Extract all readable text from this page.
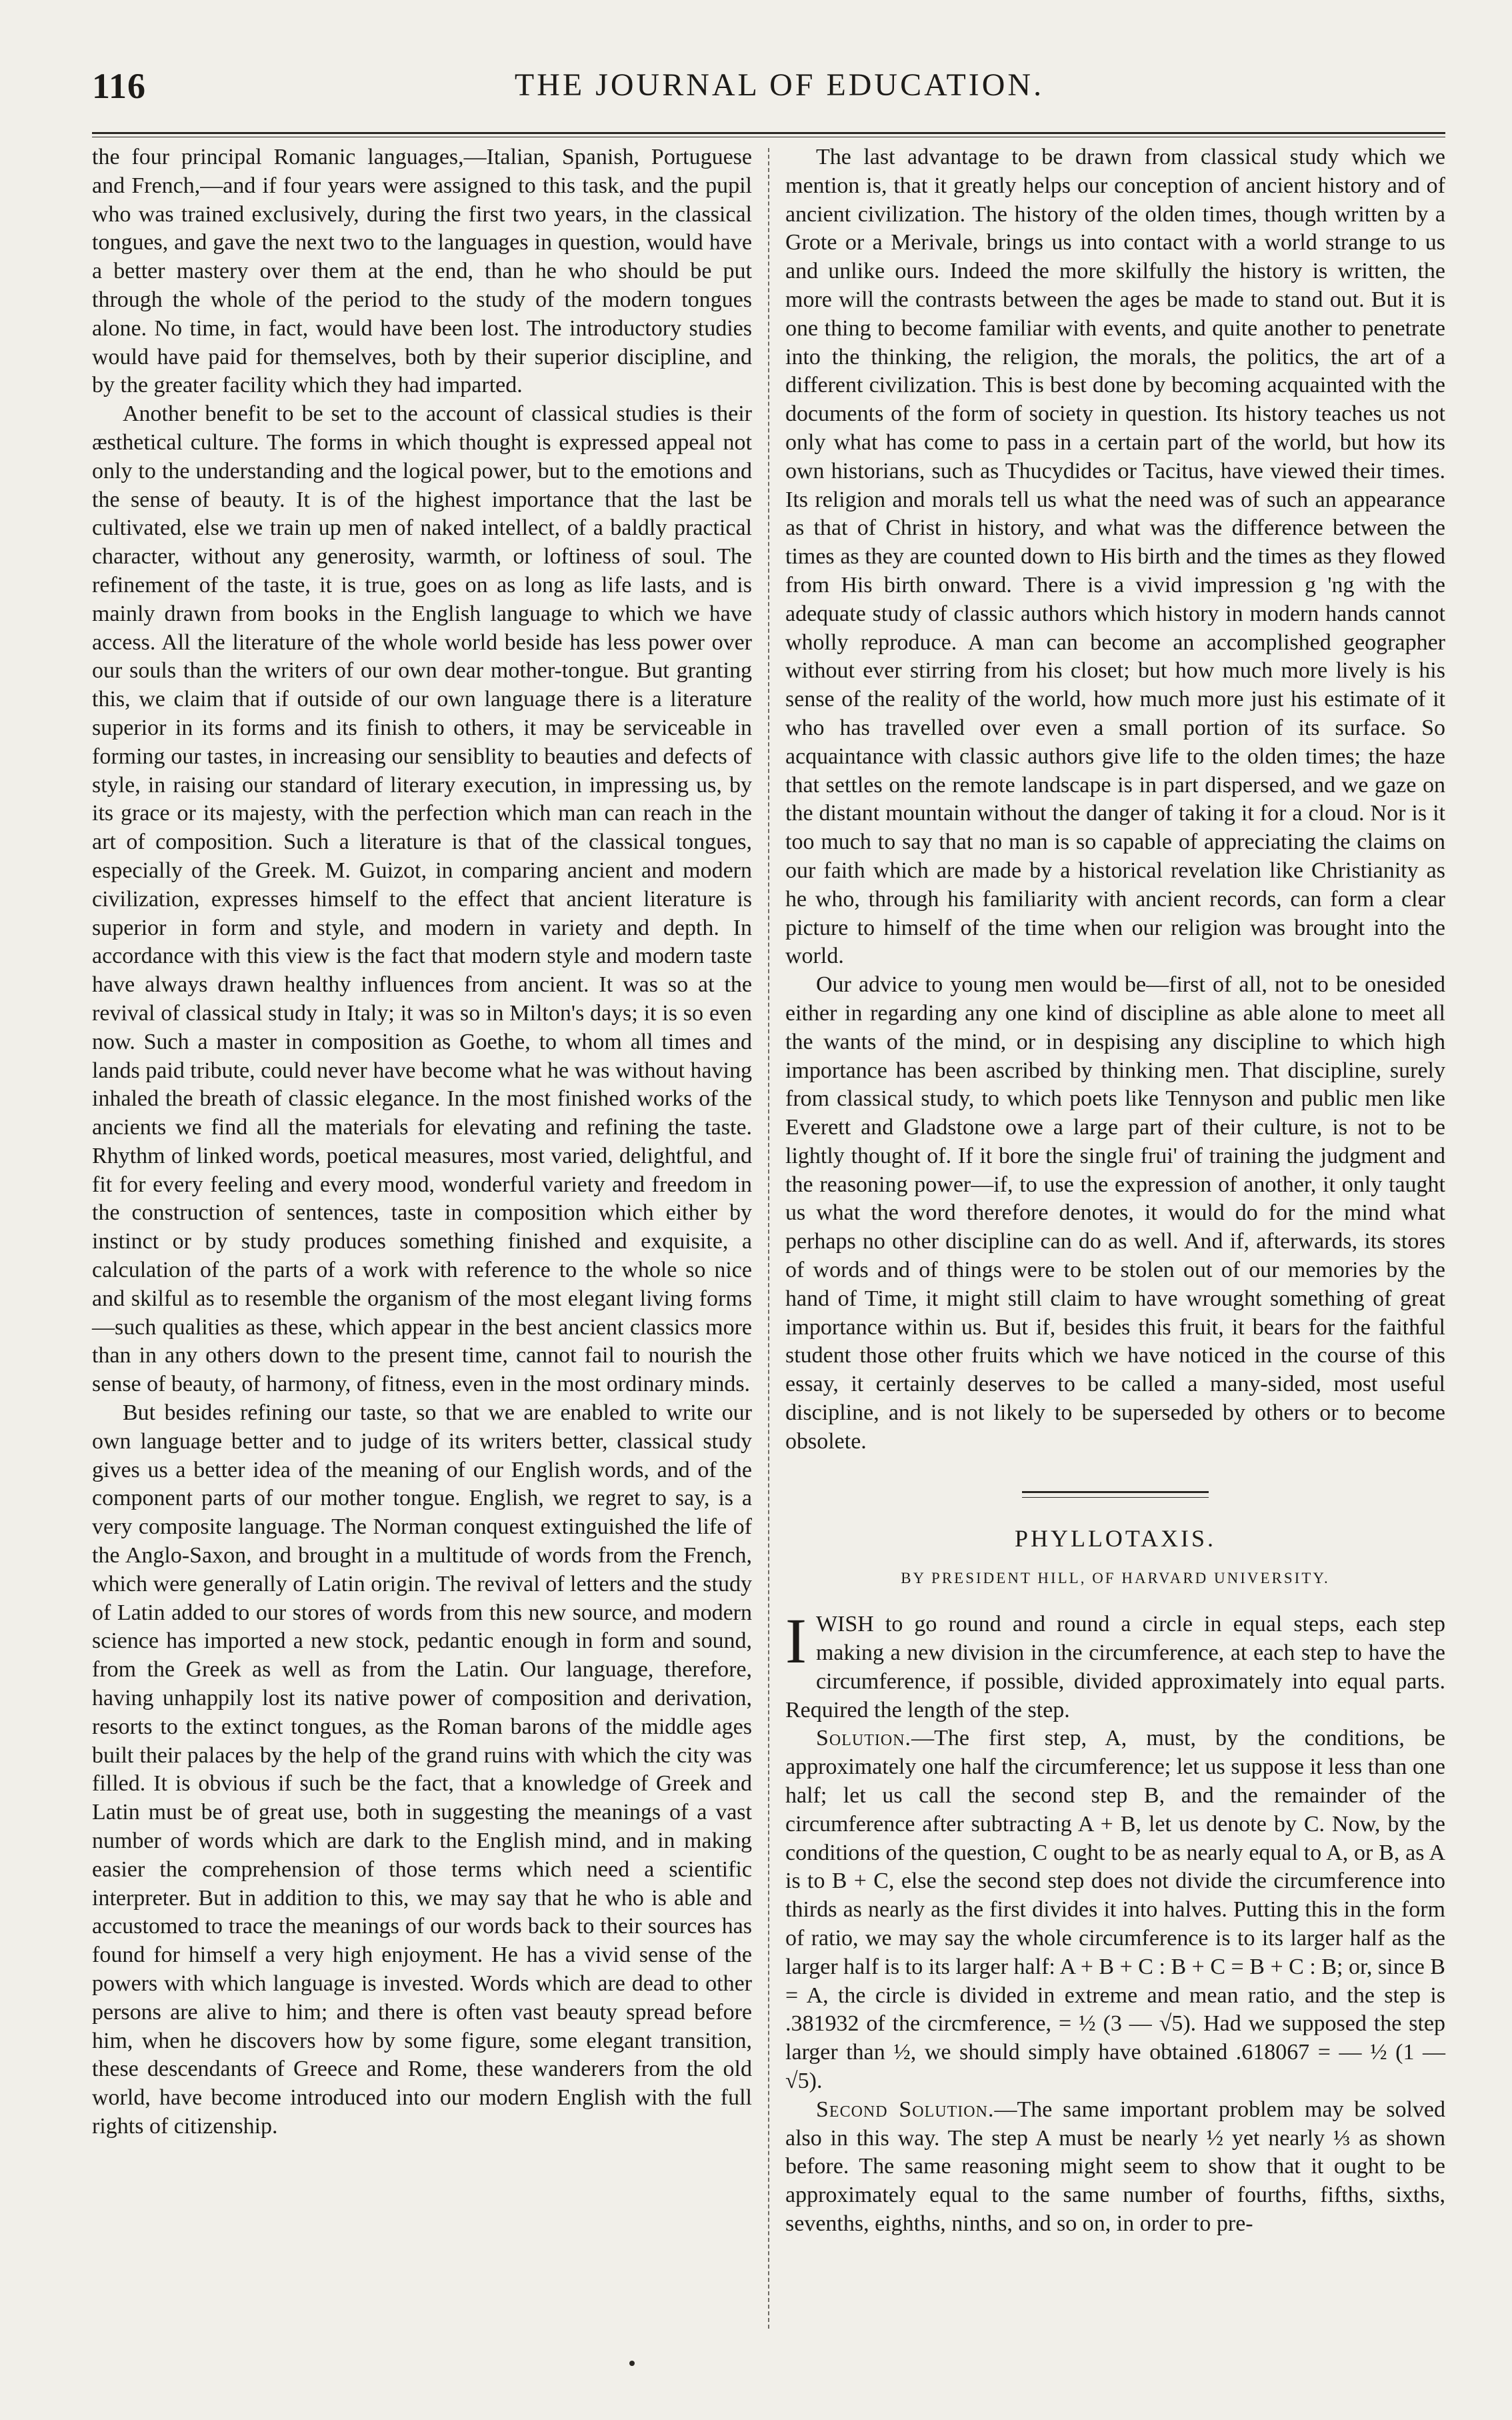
116	THE JOURNAL OF EDUCATION.

the four principal Romanic languages,—Italian, Spanish, Portuguese and French,—and if four years were assigned to this task, and the pupil who was trained exclusively, during the first two years, in the classical tongues, and gave the next two to the languages in question, would have a better mastery over them at the end, than he who should be put through the whole of the period to the study of the modern tongues alone. No time, in fact, would have been lost. The introductory studies would have paid for themselves, both by their superior discipline, and by the greater facility which they had imparted.

Another benefit to be set to the account of classical studies is their æsthetical culture. The forms in which thought is expressed appeal not only to the understanding and the logical power, but to the emotions and the sense of beauty. It is of the highest importance that the last be cultivated, else we train up men of naked intellect, of a baldly practical character, without any generosity, warmth, or loftiness of soul. The refinement of the taste, it is true, goes on as long as life lasts, and is mainly drawn from books in the English language to which we have access. All the literature of the whole world beside has less power over our souls than the writers of our own dear mother-tongue. But granting this, we claim that if outside of our own language there is a literature superior in its forms and its finish to others, it may be serviceable in forming our tastes, in increasing our sensiblity to beauties and defects of style, in raising our standard of literary execution, in impressing us, by its grace or its majesty, with the perfection which man can reach in the art of composition. Such a literature is that of the classical tongues, especially of the Greek. M. Guizot, in comparing ancient and modern civilization, expresses himself to the effect that ancient literature is superior in form and style, and modern in variety and depth. In accordance with this view is the fact that modern style and modern taste have always drawn healthy influences from ancient. It was so at the revival of classical study in Italy; it was so in Milton's days; it is so even now. Such a master in composition as Goethe, to whom all times and lands paid tribute, could never have become what he was without having inhaled the breath of classic elegance. In the most finished works of the ancients we find all the materials for elevating and refining the taste. Rhythm of linked words, poetical measures, most varied, delightful, and fit for every feeling and every mood, wonderful variety and freedom in the construction of sentences, taste in composition which either by instinct or by study produces something finished and exquisite, a calculation of the parts of a work with reference to the whole so nice and skilful as to resemble the organism of the most elegant living forms—such qualities as these, which appear in the best ancient classics more than in any others down to the present time, cannot fail to nourish the sense of beauty, of harmony, of fitness, even in the most ordinary minds.

But besides refining our taste, so that we are enabled to write our own language better and to judge of its writers better, classical study gives us a better idea of the meaning of our English words, and of the component parts of our mother tongue. English, we regret to say, is a very composite language. The Norman conquest extinguished the life of the Anglo-Saxon, and brought in a multitude of words from the French, which were generally of Latin origin. The revival of letters and the study of Latin added to our stores of words from this new source, and modern science has imported a new stock, pedantic enough in form and sound, from the Greek as well as from the Latin. Our language, therefore, having unhappily lost its native power of composition and derivation, resorts to the extinct tongues, as the Roman barons of the middle ages built their palaces by the help of the grand ruins with which the city was filled. It is obvious if such be the fact, that a knowledge of Greek and Latin must be of great use, both in suggesting the meanings of a vast number of words which are dark to the English mind, and in making easier the comprehension of those terms which need a scientific interpreter. But in addition to this, we may say that he who is able and accustomed to trace the meanings of our words back to their sources has found for himself a very high enjoyment. He has a vivid sense of the powers with which language is invested. Words which are dead to other persons are alive to him; and there is often vast beauty spread before him, when he discovers how by some figure, some elegant transition, these descendants of Greece and Rome, these wanderers from the old world, have become introduced into our modern English with the full rights of citizenship.

The last advantage to be drawn from classical study which we mention is, that it greatly helps our conception of ancient history and of ancient civilization. The history of the olden times, though written by a Grote or a Merivale, brings us into contact with a world strange to us and unlike ours. Indeed the more skilfully the history is written, the more will the contrasts between the ages be made to stand out. But it is one thing to become familiar with events, and quite another to penetrate into the thinking, the religion, the morals, the politics, the art of a different civilization. This is best done by becoming acquainted with the documents of the form of society in question. Its history teaches us not only what has come to pass in a certain part of the world, but how its own historians, such as Thucydides or Tacitus, have viewed their times. Its religion and morals tell us what the need was of such an appearance as that of Christ in history, and what was the difference between the times as they are counted down to His birth and the times as they flowed from His birth onward. There is a vivid impression g 'ng with the adequate study of classic authors which history in modern hands cannot wholly reproduce. A man can become an accomplished geographer without ever stirring from his closet; but how much more lively is his sense of the reality of the world, how much more just his estimate of it who has travelled over even a small portion of its surface. So acquaintance with classic authors give life to the olden times; the haze that settles on the remote landscape is in part dispersed, and we gaze on the distant mountain without the danger of taking it for a cloud. Nor is it too much to say that no man is so capable of appreciating the claims on our faith which are made by a historical revelation like Christianity as he who, through his familiarity with ancient records, can form a clear picture to himself of the time when our religion was brought into the world.

Our advice to young men would be—first of all, not to be onesided either in regarding any one kind of discipline as able alone to meet all the wants of the mind, or in despising any discipline to which high importance has been ascribed by thinking men. That discipline, surely from classical study, to which poets like Tennyson and public men like Everett and Gladstone owe a large part of their culture, is not to be lightly thought of. If it bore the single frui' of training the judgment and the reasoning power—if, to use the expression of another, it only taught us what the word therefore denotes, it would do for the mind what perhaps no other discipline can do as well. And if, afterwards, its stores of words and of things were to be stolen out of our memories by the hand of Time, it might still claim to have wrought something of great importance within us. But if, besides this fruit, it bears for the faithful student those other fruits which we have noticed in the course of this essay, it certainly deserves to be called a many-sided, most useful discipline, and is not likely to be superseded by others or to become obsolete.

PHYLLOTAXIS.
BY PRESIDENT HILL, OF HARVARD UNIVERSITY.

IWISH to go round and round a circle in equal steps, each step making a new division in the circumference, at each step to have the circumference, if possible, divided approximately into equal parts. Required the length of the step.

Solution.—The first step, A, must, by the conditions, be approximately one half the circumference; let us suppose it less than one half; let us call the second step B, and the remainder of the circumference after subtracting A + B, let us denote by C. Now, by the conditions of the question, C ought to be as nearly equal to A, or B, as A is to B + C, else the second step does not divide the circumference into thirds as nearly as the first divides it into halves. Putting this in the form of ratio, we may say the whole circumference is to its larger half as the larger half is to its larger half: A + B + C : B + C = B + C : B; or, since B = A, the circle is divided in extreme and mean ratio, and the step is .381932 of the circmference, = ½ (3 — √5). Had we supposed the step larger than ½, we should simply have obtained .618067 = — ½ (1 — √5).

Second Solution.—The same important problem may be solved also in this way. The step A must be nearly ½ yet nearly ⅓ as shown before. The same reasoning might seem to show that it ought to be approximately equal to the same number of fourths, fifths, sixths, sevenths, eighths, ninths, and so on, in order to pre-
